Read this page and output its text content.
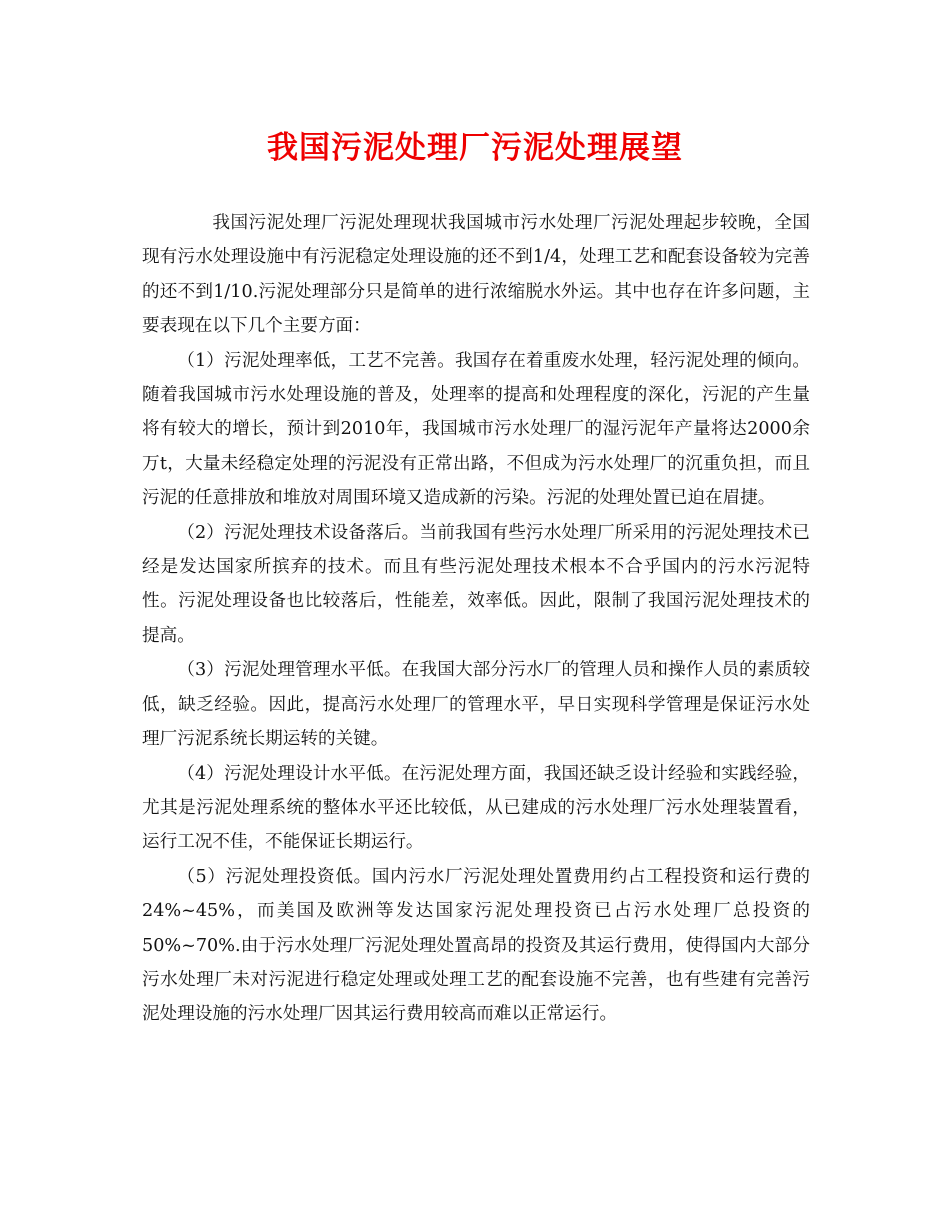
我国污泥处理厂污泥处理展望

我国污泥处理厂污泥处理现状我国城市污水处理厂污泥处理起步较晚，全国现有污水处理设施中有污泥稳定处理设施的还不到1/4，处理工艺和配套设备较为完善的还不到1/10.污泥处理部分只是简单的进行浓缩脱水外运。其中也存在许多问题，主要表现在以下几个主要方面：

（1）污泥处理率低，工艺不完善。我国存在着重废水处理，轻污泥处理的倾向。随着我国城市污水处理设施的普及，处理率的提高和处理程度的深化，污泥的产生量将有较大的增长，预计到2010年，我国城市污水处理厂的湿污泥年产量将达2000余万t，大量未经稳定处理的污泥没有正常出路，不但成为污水处理厂的沉重负担，而且污泥的任意排放和堆放对周围环境又造成新的污染。污泥的处理处置已迫在眉捷。

（2）污泥处理技术设备落后。当前我国有些污水处理厂所采用的污泥处理技术已经是发达国家所摈弃的技术。而且有些污泥处理技术根本不合乎国内的污水污泥特性。污泥处理设备也比较落后，性能差，效率低。因此，限制了我国污泥处理技术的提高。

（3）污泥处理管理水平低。在我国大部分污水厂的管理人员和操作人员的素质较低，缺乏经验。因此，提高污水处理厂的管理水平，早日实现科学管理是保证污水处理厂污泥系统长期运转的关键。

（4）污泥处理设计水平低。在污泥处理方面，我国还缺乏设计经验和实践经验，尤其是污泥处理系统的整体水平还比较低，从已建成的污水处理厂污水处理装置看，运行工况不佳，不能保证长期运行。

（5）污泥处理投资低。国内污水厂污泥处理处置费用约占工程投资和运行费的24%~45%，而美国及欧洲等发达国家污泥处理投资已占污水处理厂总投资的50%~70%.由于污水处理厂污泥处理处置高昂的投资及其运行费用，使得国内大部分污水处理厂未对污泥进行稳定处理或处理工艺的配套设施不完善，也有些建有完善污泥处理设施的污水处理厂因其运行费用较高而难以正常运行。
